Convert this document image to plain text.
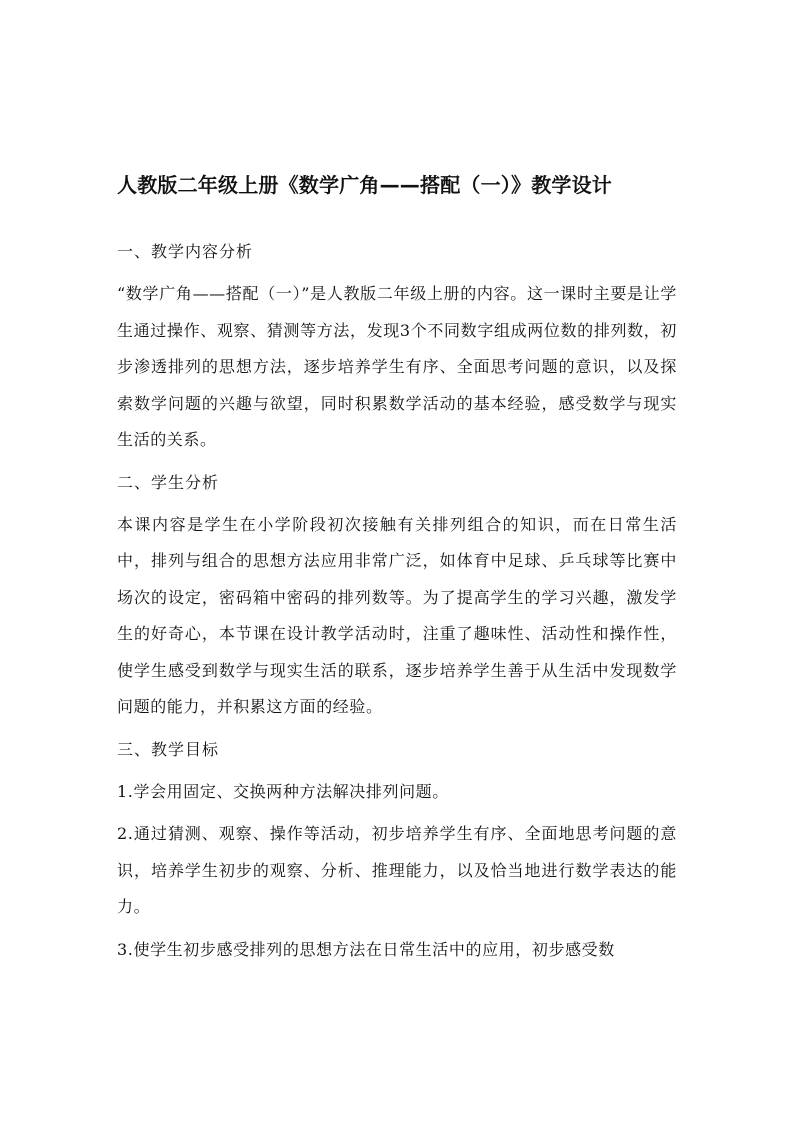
人教版二年级上册《数学广角——搭配（一）》教学设计
一、教学内容分析

“数学广角——搭配（一）”是人教版二年级上册的内容。这一课时主要是让学生通过操作、观察、猜测等方法，发现3个不同数字组成两位数的排列数，初步渗透排列的思想方法，逐步培养学生有序、全面思考问题的意识，以及探索数学问题的兴趣与欲望，同时积累数学活动的基本经验，感受数学与现实生活的关系。

二、学生分析

本课内容是学生在小学阶段初次接触有关排列组合的知识，而在日常生活中，排列与组合的思想方法应用非常广泛，如体育中足球、乒乓球等比赛中场次的设定，密码箱中密码的排列数等。为了提高学生的学习兴趣，激发学生的好奇心，本节课在设计教学活动时，注重了趣味性、活动性和操作性，使学生感受到数学与现实生活的联系，逐步培养学生善于从生活中发现数学问题的能力，并积累这方面的经验。

三、教学目标

1.学会用固定、交换两种方法解决排列问题。

2.通过猜测、观察、操作等活动，初步培养学生有序、全面地思考问题的意识，培养学生初步的观察、分析、推理能力，以及恰当地进行数学表达的能力。

3.使学生初步感受排列的思想方法在日常生活中的应用，初步感受数
